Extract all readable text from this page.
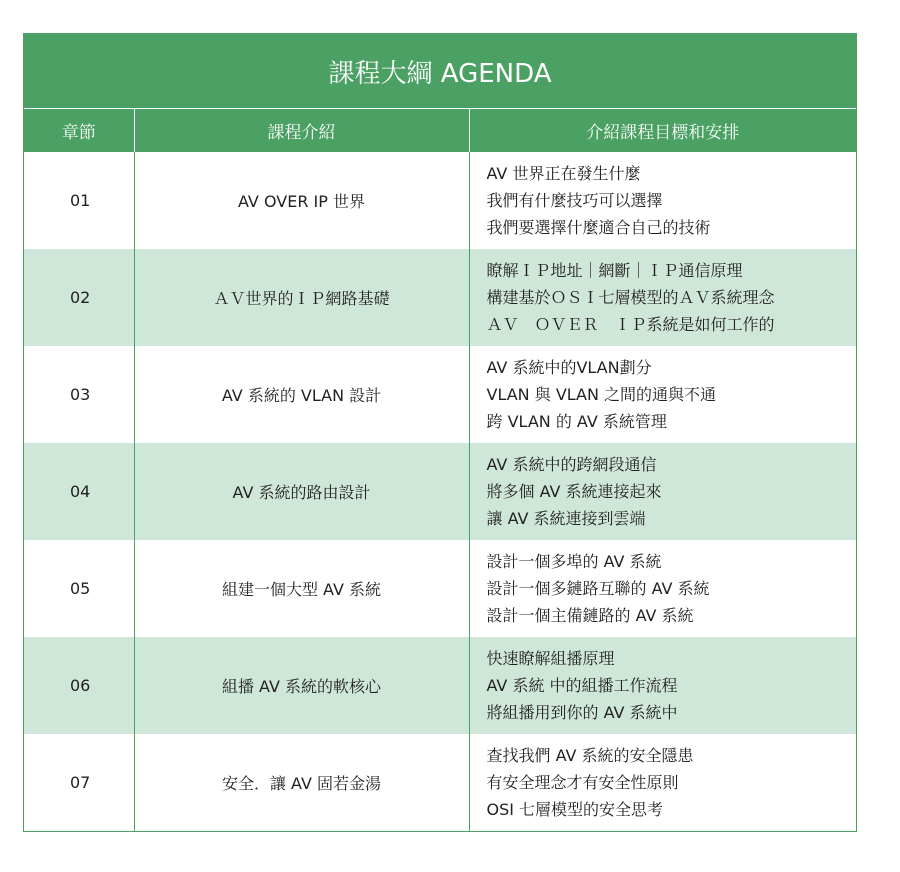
課程大綱 AGENDA
章節	課程介紹	介紹課程目標和安排
01	AV OVER IP 世界	AV 世界正在發生什麼
我們有什麼技巧可以選擇
我們要選擇什麼適合自己的技術

02	ＡＶ世界的ＩＰ網路基礎	瞭解ＩＰ地址｜網斷｜ＩＰ通信原理
構建基於ＯＳＩ七層模型的ＡＶ系統理念
ＡＶ　ＯＶＥＲ　ＩＰ系統是如何工作的

03	AV 系統的 VLAN 設計	AV 系統中的VLAN劃分
VLAN 與 VLAN 之間的通與不通
跨 VLAN 的 AV 系統管理

04	AV 系統的路由設計	AV 系統中的跨網段通信
將多個 AV 系統連接起來
讓 AV 系統連接到雲端

05	組建一個大型 AV 系統	設計一個多埠的 AV 系統
設計一個多鏈路互聯的 AV 系統
設計一個主備鏈路的 AV 系統

06	組播 AV 系統的軟核心	快速瞭解組播原理
AV 系統 中的組播工作流程
將組播用到你的 AV 系統中

07	安全．讓 AV 固若金湯	查找我們 AV 系統的安全隱患
有安全理念才有安全性原則
OSI 七層模型的安全思考
